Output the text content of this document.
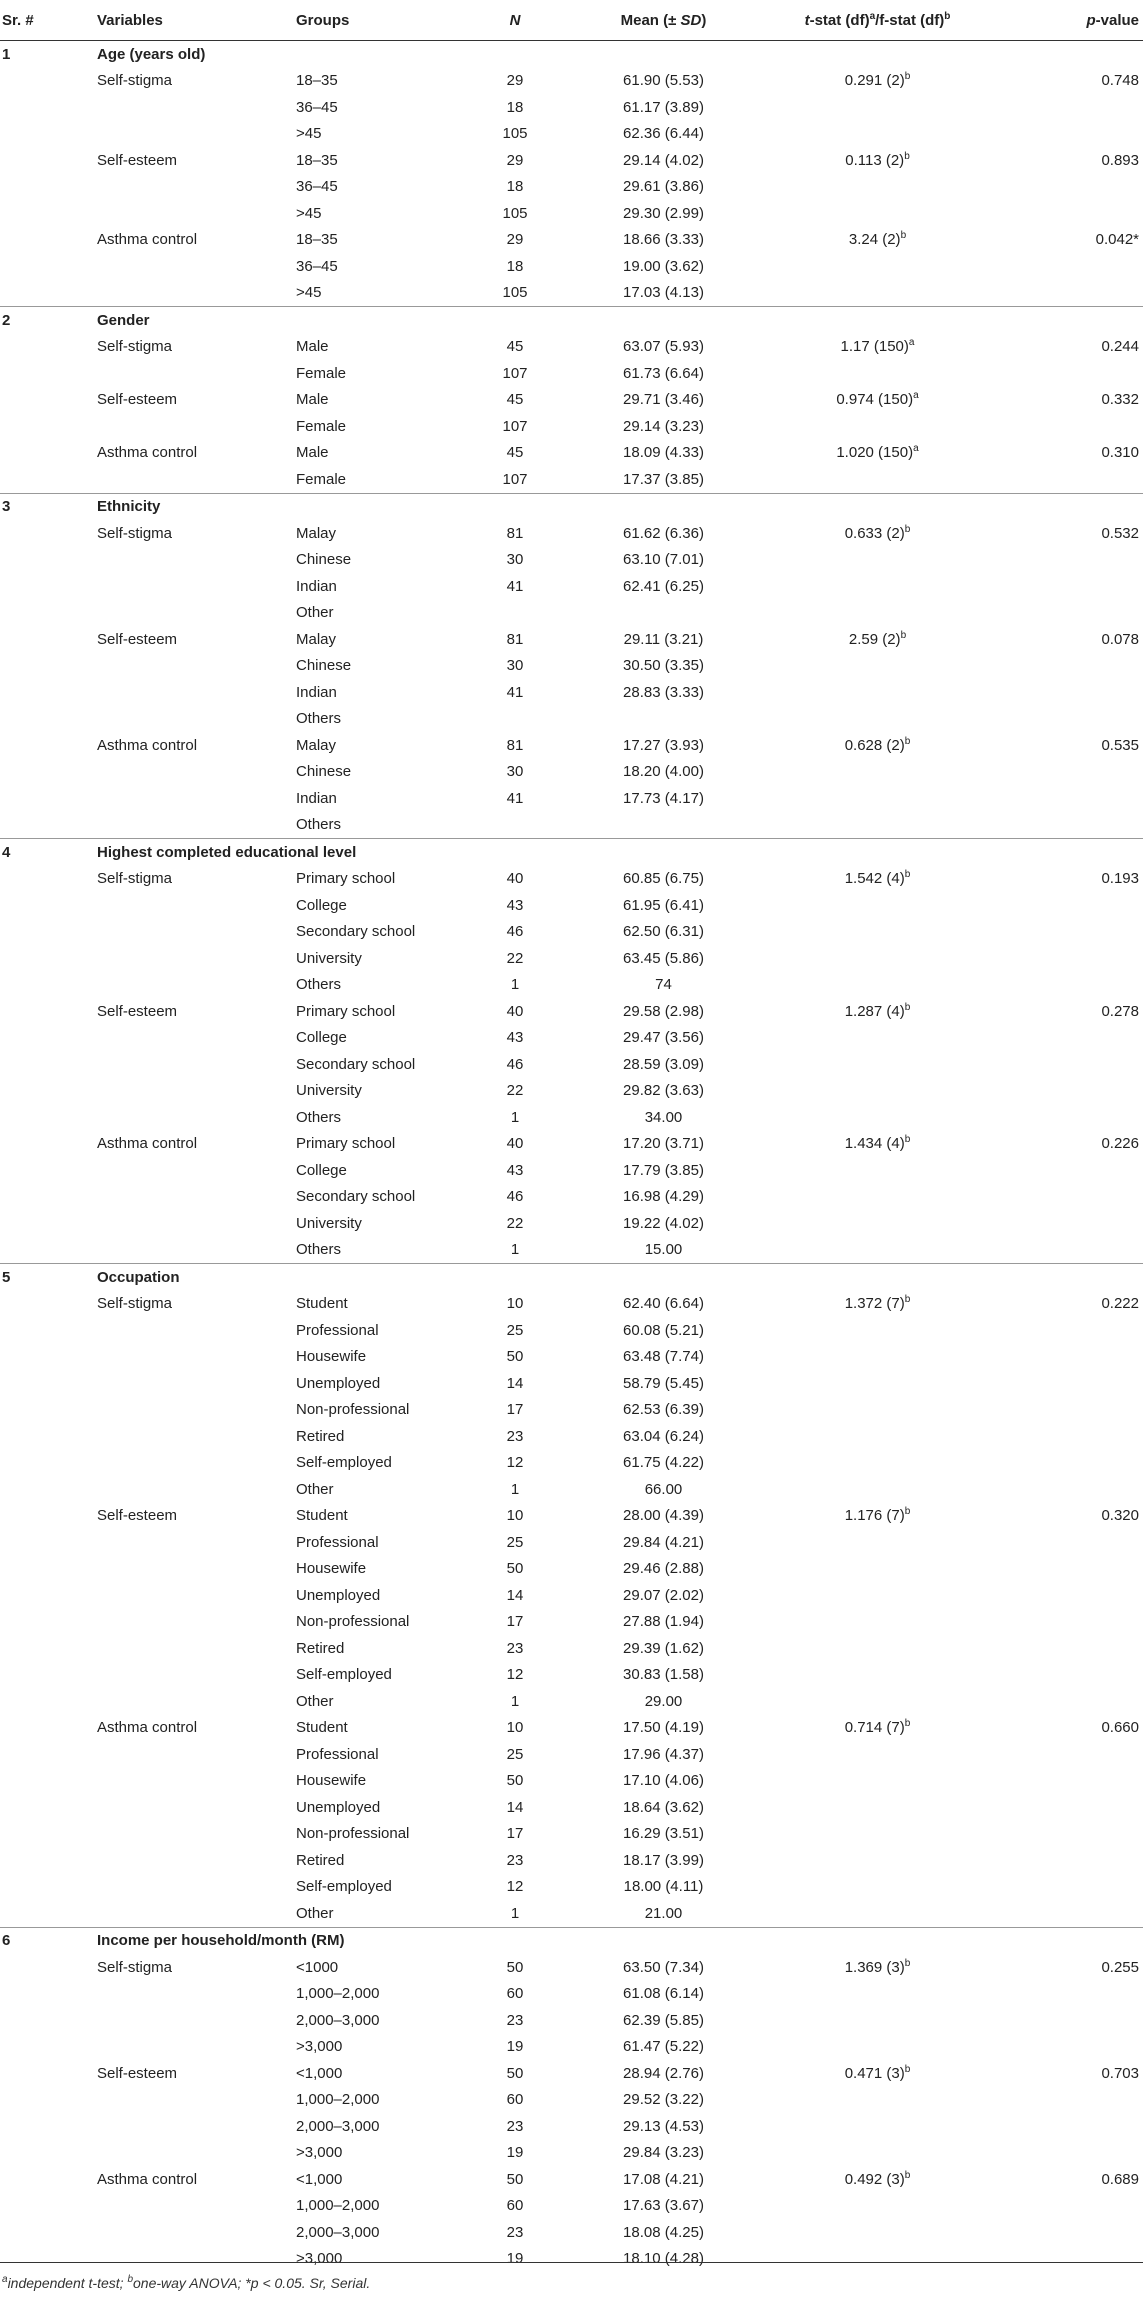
Sr. #	Variables	Groups	N	Mean (± SD)	t-stat (df)$^a$/f-stat (df)$^b$	p-value
1	Age (years old)					
	Self-stigma	18–35	29	61.90 (5.53)	0.291 $(2)^b$	0.748
		36–45	18	61.17 (3.89)		
		>45	105	62.36 (6.44)		
	Self-esteem	18–35	29	29.14 (4.02)	0.113 $(2)^b$	0.893
		36–45	18	29.61 (3.86)		
		>45	105	29.30 (2.99)		
	Asthma control	18–35	29	18.66 (3.33)	3.24 $(2)^b$	0.042*
		36–45	18	19.00 (3.62)		
		>45	105	17.03 (4.13)		
2	Gender					
	Self-stigma	Male	45	63.07 (5.93)	1.17 $(150)^a$	0.244
		Female	107	61.73 (6.64)		
	Self-esteem	Male	45	29.71 (3.46)	0.974 $(150)^a$	0.332
		Female	107	29.14 (3.23)		
	Asthma control	Male	45	18.09 (4.33)	1.020 $(150)^a$	0.310
		Female	107	17.37 (3.85)		
3	Ethnicity					
	Self-stigma	Malay	81	61.62 (6.36)	0.633 $(2)^b$	0.532
		Chinese	30	63.10 (7.01)		
		Indian	41	62.41 (6.25)		
		Other				
	Self-esteem	Malay	81	29.11 (3.21)	2.59 $(2)^b$	0.078
		Chinese	30	30.50 (3.35)		
		Indian	41	28.83 (3.33)		
		Others				
	Asthma control	Malay	81	17.27 (3.93)	0.628 $(2)^b$	0.535
		Chinese	30	18.20 (4.00)		
		Indian	41	17.73 (4.17)		
		Others				
4	Highest completed educational level					
	Self-stigma	Primary school	40	60.85 (6.75)	1.542 $(4)^b$	0.193
		College	43	61.95 (6.41)		
		Secondary school	46	62.50 (6.31)		
		University	22	63.45 (5.86)		
		Others	1	74		
	Self-esteem	Primary school	40	29.58 (2.98)	1.287 $(4)^b$	0.278
		College	43	29.47 (3.56)		
		Secondary school	46	28.59 (3.09)		
		University	22	29.82 (3.63)		
		Others	1	34.00		
	Asthma control	Primary school	40	17.20 (3.71)	1.434 $(4)^b$	0.226
		College	43	17.79 (3.85)		
		Secondary school	46	16.98 (4.29)		
		University	22	19.22 (4.02)		
		Others	1	15.00		
5	Occupation					
	Self-stigma	Student	10	62.40 (6.64)	1.372 $(7)^b$	0.222
		Professional	25	60.08 (5.21)		
		Housewife	50	63.48 (7.74)		
		Unemployed	14	58.79 (5.45)		
		Non-professional	17	62.53 (6.39)		
		Retired	23	63.04 (6.24)		
		Self-employed	12	61.75 (4.22)		
		Other	1	66.00		
	Self-esteem	Student	10	28.00 (4.39)	1.176 $(7)^b$	0.320
		Professional	25	29.84 (4.21)		
		Housewife	50	29.46 (2.88)		
		Unemployed	14	29.07 (2.02)		
		Non-professional	17	27.88 (1.94)		
		Retired	23	29.39 (1.62)		
		Self-employed	12	30.83 (1.58)		
		Other	1	29.00		
	Asthma control	Student	10	17.50 (4.19)	0.714 $(7)^b$	0.660
		Professional	25	17.96 (4.37)		
		Housewife	50	17.10 (4.06)		
		Unemployed	14	18.64 (3.62)		
		Non-professional	17	16.29 (3.51)		
		Retired	23	18.17 (3.99)		
		Self-employed	12	18.00 (4.11)		
		Other	1	21.00		
6	Income per household/month (RM)					
	Self-stigma	<1000	50	63.50 (7.34)	1.369 $(3)^b$	0.255
		1,000–2,000	60	61.08 (6.14)		
		2,000–3,000	23	62.39 (5.85)		
		>3,000	19	61.47 (5.22)		
	Self-esteem	<1,000	50	28.94 (2.76)	0.471 $(3)^b$	0.703
		1,000–2,000	60	29.52 (3.22)		
		2,000–3,000	23	29.13 (4.53)		
		>3,000	19	29.84 (3.23)		
	Asthma control	<1,000	50	17.08 (4.21)	0.492 $(3)^b$	0.689
		1,000–2,000	60	17.63 (3.67)		
		2,000–3,000	23	18.08 (4.25)		
		>3,000	19	18.10 (4.28)		

$^a$independent t-test; $^b$one-way ANOVA; *p < 0.05. Sr, Serial.
